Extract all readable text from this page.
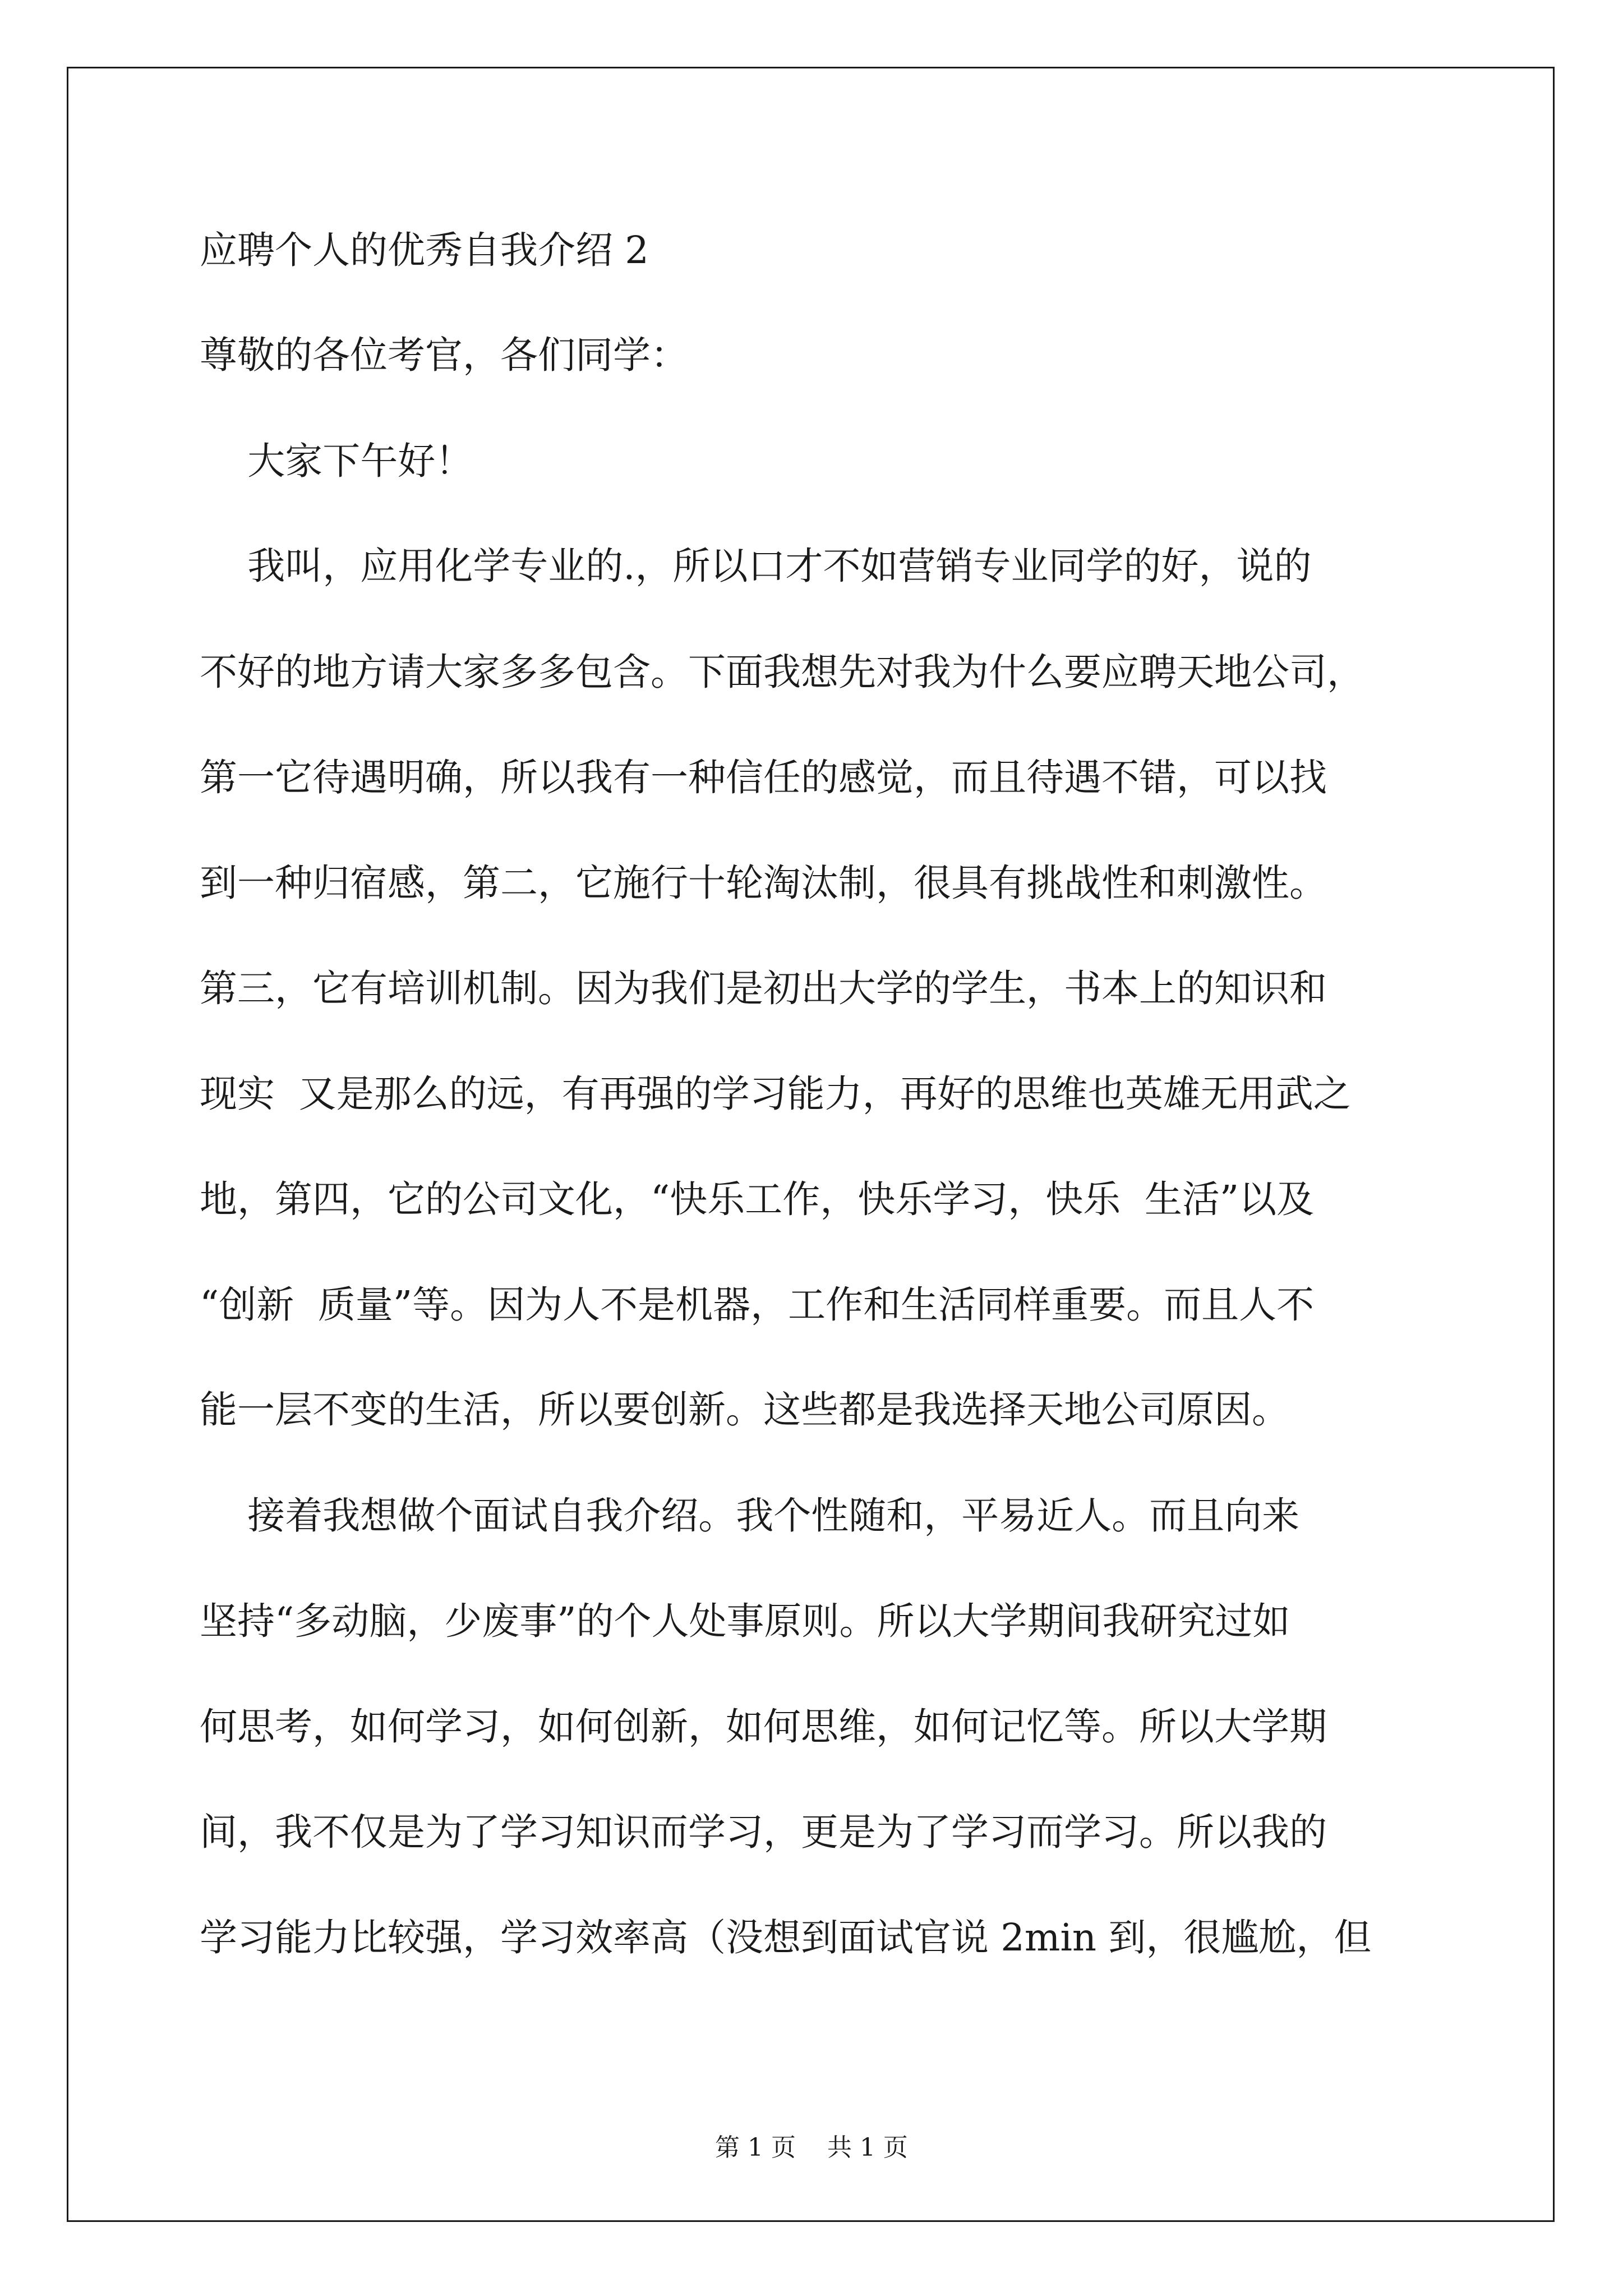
应聘个人的优秀自我介绍 2
尊敬的各位考官，各们同学：
大家下午好！
我叫，应用化学专业的.，所以口才不如营销专业同学的好，说的
不好的地方请大家多多包含。下面我想先对我为什么要应聘天地公司，
第一它待遇明确，所以我有一种信任的感觉，而且待遇不错，可以找
到一种归宿感，第二，它施行十轮淘汰制，很具有挑战性和刺激性。
第三，它有培训机制。因为我们是初出大学的学生，书本上的知识和
现实  又是那么的远，有再强的学习能力，再好的思维也英雄无用武之
地，第四，它的公司文化，“快乐工作，快乐学习，快乐  生活”以及
“创新  质量”等。因为人不是机器，工作和生活同样重要。而且人不
能一层不变的生活，所以要创新。这些都是我选择天地公司原因。
接着我想做个面试自我介绍。我个性随和，平易近人。而且向来
坚持“多动脑，少废事”的个人处事原则。所以大学期间我研究过如
何思考，如何学习，如何创新，如何思维，如何记忆等。所以大学期
间，我不仅是为了学习知识而学习，更是为了学习而学习。所以我的
学习能力比较强，学习效率高（没想到面试官说 2min 到，很尴尬，但
第 1 页    共 1 页
